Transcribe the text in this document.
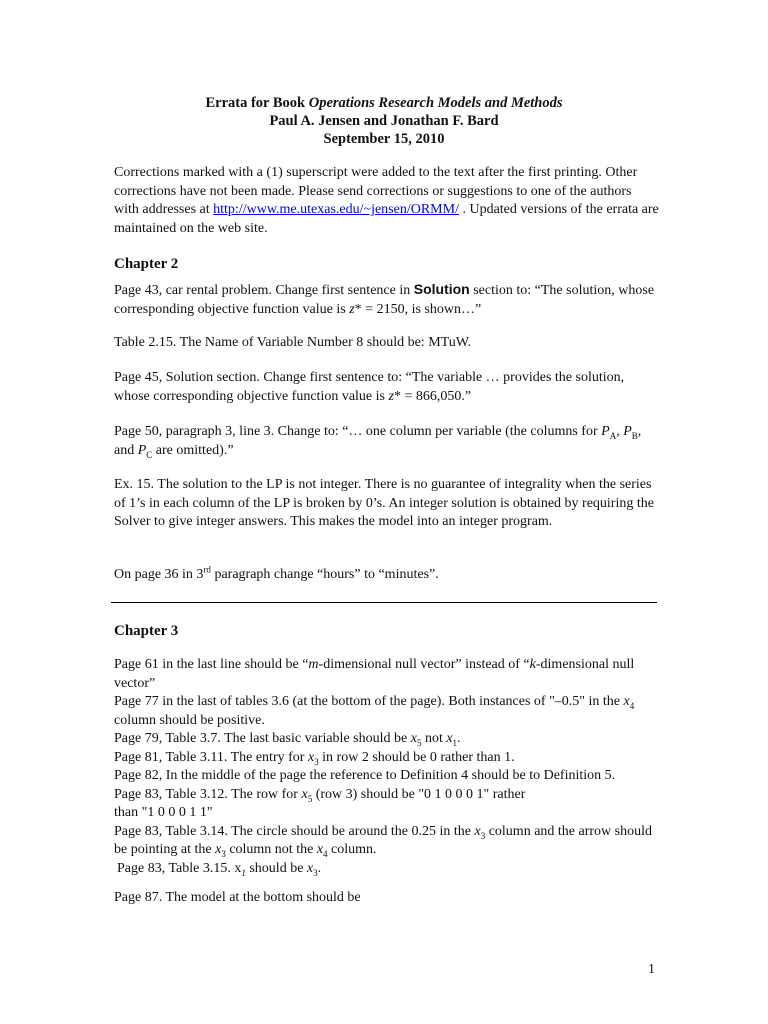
Errata for Book Operations Research Models and Methods
Paul A. Jensen and Jonathan F. Bard
September 15, 2010
Corrections marked with a (1) superscript were added to the text after the first printing. Other corrections have not been made. Please send corrections or suggestions to one of the authors with addresses at http://www.me.utexas.edu/~jensen/ORMM/ . Updated versions of the errata are maintained on the web site.
Chapter 2
Page 43, car rental problem. Change first sentence in Solution section to: “The solution, whose corresponding objective function value is z* = 2150, is shown…”
Table 2.15. The Name of Variable Number 8 should be: MTuW.
Page 45, Solution section. Change first sentence to: “The variable … provides the solution, whose corresponding objective function value is z* = 866,050.”
Page 50, paragraph 3, line 3. Change to: “… one column per variable (the columns for $P_A$, $P_B$, and $P_C$ are omitted).”
Ex. 15. The solution to the LP is not integer. There is no guarantee of integrality when the series of 1’s in each column of the LP is broken by 0’s. An integer solution is obtained by requiring the Solver to give integer answers. This makes the model into an integer program.
On page 36 in 3rd paragraph change “hours” to “minutes”.
Chapter 3
Page 61 in the last line should be “m-dimensional null vector” instead of “k-dimensional null vector”
Page 77 in the last of tables 3.6 (at the bottom of the page). Both instances of "–0.5" in the $x_4$ column should be positive.
Page 79, Table 3.7. The last basic variable should be $x_5$ not $x_1$.
Page 81, Table 3.11. The entry for $x_3$ in row 2 should be 0 rather than 1.
Page 82, In the middle of the page the reference to Definition 4 should be to Definition 5.
Page 83, Table 3.12. The row for $x_5$ (row 3) should be "0 1 0 0 0 1" rather
than "1 0 0 0 1 1"
Page 83, Table 3.14. The circle should be around the 0.25 in the $x_3$ column and the arrow should be pointing at the $x_3$ column not the $x_4$ column.
Page 83, Table 3.15. $x_1$ should be $x_3$.
Page 87. The model at the bottom should be
1
